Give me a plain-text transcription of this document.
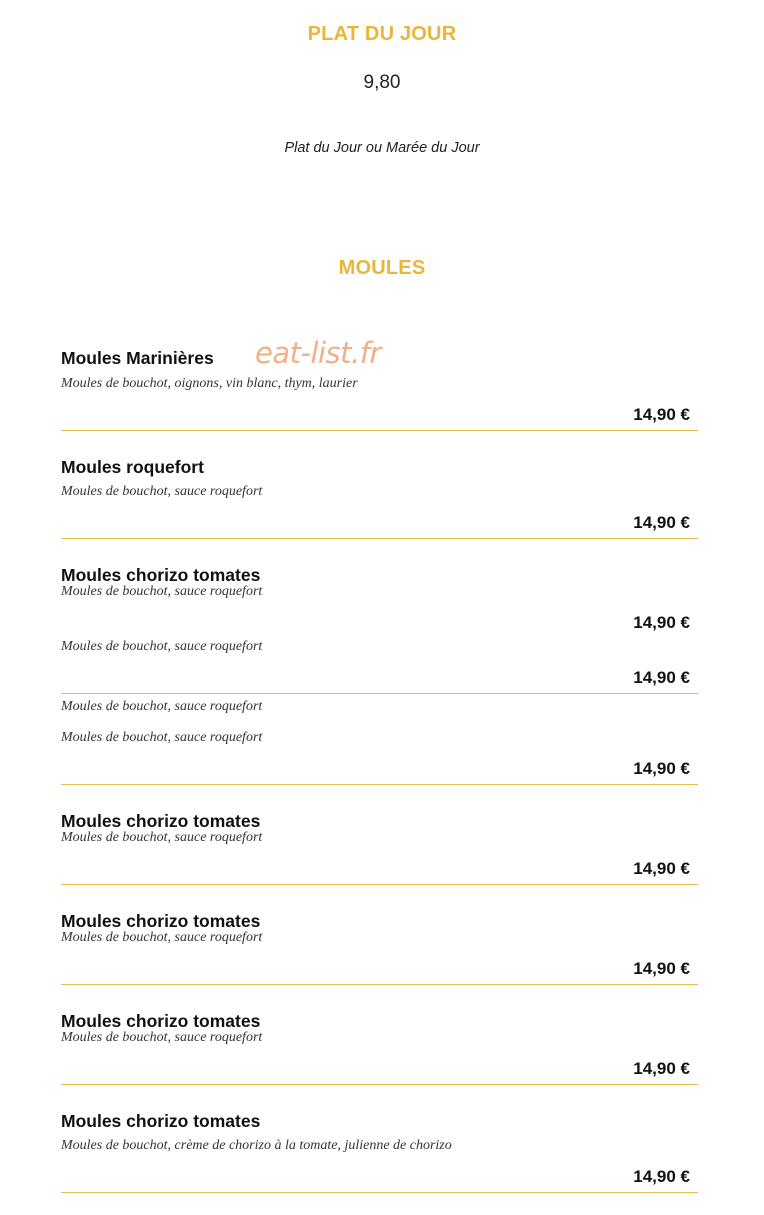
PLAT DU JOUR
9,80
Plat du Jour ou Marée du Jour
MOULES
Moules Marinières eat-list.fr
Moules de bouchot, oignons, vin blanc, thym, laurier
14,90 €
Moules roquefort
Moules de bouchot, sauce roquefort
14,90 €
Moules chorizo tomates
Moules de bouchot, sauce roquefort
14,90 €
Moules de bouchot, sauce roquefort
14,90 €
Moules de bouchot, sauce roquefort
Moules de bouchot, sauce roquefort
14,90 €
Moules chorizo tomates
Moules de bouchot, sauce roquefort
14,90 €
Moules chorizo tomates
Moules de bouchot, sauce roquefort
14,90 €
Moules chorizo tomates
Moules de bouchot, sauce roquefort
14,90 €
Moules chorizo tomates
Moules de bouchot, crème de chorizo à la tomate, julienne de chorizo
14,90 €
